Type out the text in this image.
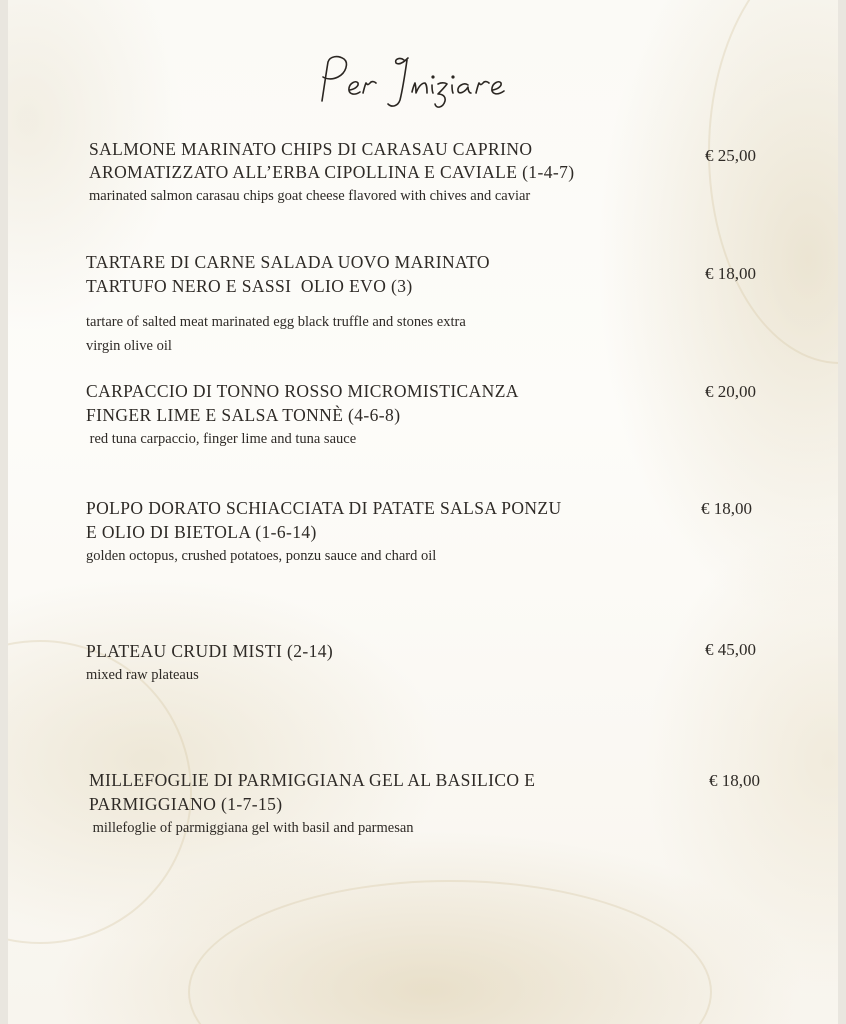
SALMONE MARINATO CHIPS DI CARASAU CAPRINO
AROMATIZZATO ALL’ERBA CIPOLLINA E CAVIALE (1-4-7)
marinated salmon carasau chips goat cheese flavored with chives and caviar
€ 25,00
TARTARE DI CARNE SALADA UOVO MARINATO
TARTUFO NERO E SASSI  OLIO EVO (3)
tartare of salted meat marinated egg black truffle and stones extra
virgin olive oil
€ 18,00
CARPACCIO DI TONNO ROSSO MICROMISTICANZA
FINGER LIME E SALSA TONNÈ (4-6-8)
red tuna carpaccio, finger lime and tuna sauce
€ 20,00
POLPO DORATO SCHIACCIATA DI PATATE SALSA PONZU
E OLIO DI BIETOLA (1-6-14)
golden octopus, crushed potatoes, ponzu sauce and chard oil
€ 18,00
PLATEAU CRUDI MISTI (2-14)
mixed raw plateaus
€ 45,00
MILLEFOGLIE DI PARMIGGIANA GEL AL BASILICO E
PARMIGGIANO (1-7-15)
millefoglie of parmiggiana gel with basil and parmesan
€ 18,00
